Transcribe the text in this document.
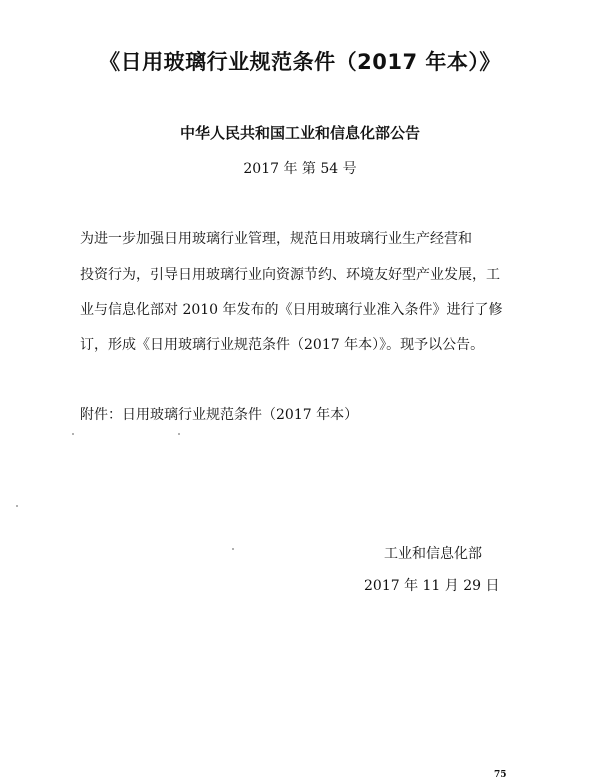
《日用玻璃行业规范条件（2017 年本）》
中华人民共和国工业和信息化部公告
2017 年 第 54 号
为进一步加强日用玻璃行业管理，规范日用玻璃行业生产经营和
投资行为，引导日用玻璃行业向资源节约、环境友好型产业发展，工
业与信息化部对 2010 年发布的《日用玻璃行业准入条件》进行了修
订，形成《日用玻璃行业规范条件（2017 年本）》。现予以公告。
附件：日用玻璃行业规范条件（2017 年本）
工业和信息化部
2017 年 11 月 29 日
75
